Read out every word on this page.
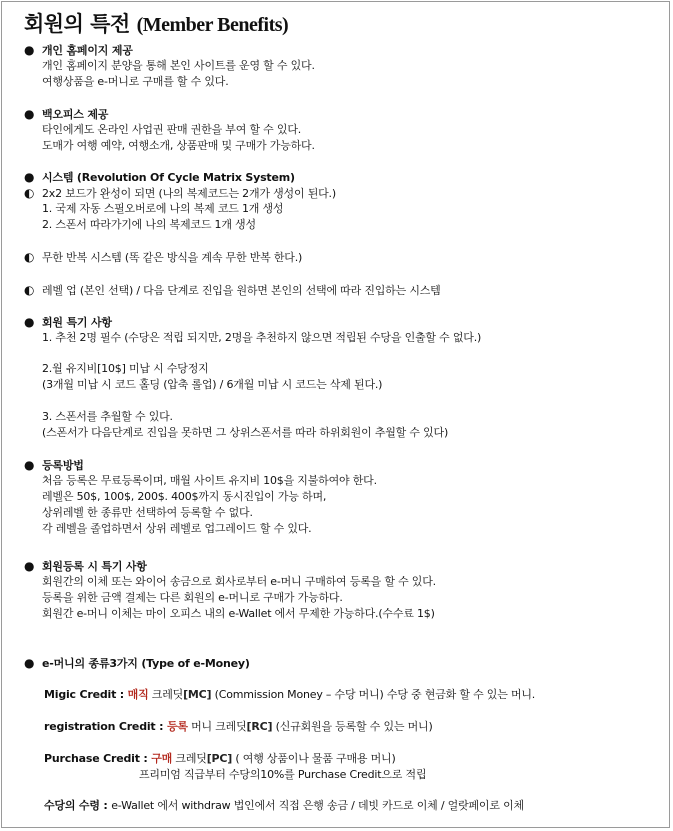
회원의 특전 (Member Benefits)
● 개인 홈페이지 제공
개인 홈페이지 분양을 통해 본인 사이트를 운영 할 수 있다.
여행상품을 e-머니로 구매를 할 수 있다.
● 백오피스 제공
타인에게도 온라인 사업권 판매 권한을 부여 할 수 있다.
도매가 여행 예약, 여행소개, 상품판매 및 구매가 가능하다.
● 시스템 (Revolution Of Cycle Matrix System)
◐ 2x2 보드가 완성이 되면 (나의 복제코드는 2개가 생성이 된다.)
1. 국제 자동 스필오버로에 나의 복제 코드 1개 생성
2. 스폰서 따라가기에 나의 복제코드 1개 생성
◐ 무한 반복 시스템 (똑 같은 방식을 계속 무한 반복 한다.)
◐ 레벨 업 (본인 선택) / 다음 단계로 진입을 원하면 본인의 선택에 따라 진입하는 시스템
● 회원 특기 사항
1. 추천 2명 필수 (수당은 적립 되지만, 2명을 추천하지 않으면 적립된 수당을 인출할 수 없다.)
2.월 유지비[10$] 미납 시 수당정지
(3개월 미납 시 코드 홀딩 (압축 롤업) / 6개월 미납 시 코드는 삭제 된다.)
3. 스폰서를 추월할 수 있다.
(스폰서가 다음단계로 진입을 못하면 그 상위스폰서를 따라 하위회원이 추월할 수 있다)
● 등록방법
처음 등록은 무료등록이며, 매월 사이트 유지비 10$을 지불하여야 한다.
레벨은 50$, 100$, 200$. 400$까지 동시진입이 가능 하며,
상위레벨 한 종류만 선택하여 등록할 수 없다.
각 레벨을 졸업하면서 상위 레벨로 업그레이드 할 수 있다.
● 회원등록 시 특기 사항
회원간의 이체 또는 와이어 송금으로 회사로부터 e-머니 구매하여 등록을 할 수 있다.
등록을 위한 금액 결제는 다른 회원의 e-머니로 구매가 가능하다.
회원간 e-머니 이체는 마이 오피스 내의 e-Wallet 에서 무제한 가능하다.(수수료 1$)
● e-머니의 종류3가지 (Type of e-Money)
Migic Credit : 매직 크레딧[MC] (Commission Money – 수당 머니) 수당 중 현금화 할 수 있는 머니.
registration Credit : 등록 머니 크레딧[RC] (신규회원을 등록할 수 있는 머니)
Purchase Credit : 구매 크레딧[PC] ( 여행 상품이나 물품 구매용 머니)
프리미엄 직급부터 수당의10%를 Purchase Credit으로 적립
수당의 수령 : e-Wallet 에서 withdraw 법인에서 직접 은행 송금 / 데빗 카드로 이체 / 얼랏페이로 이체
